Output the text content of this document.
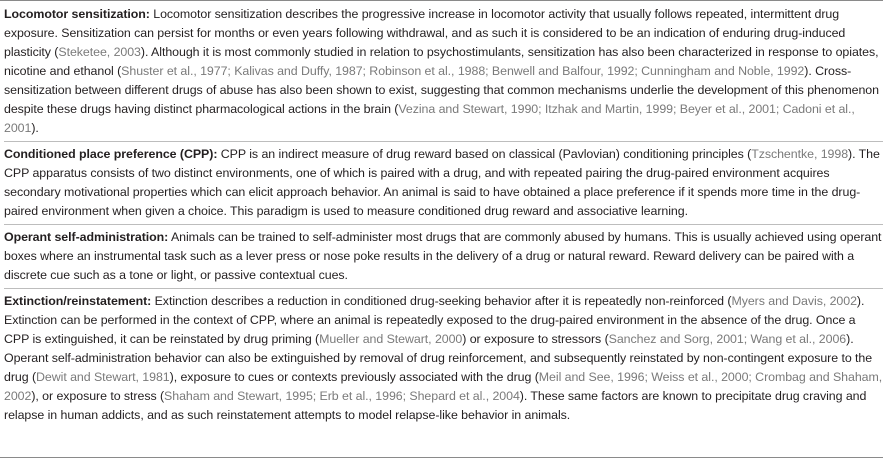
Locomotor sensitization: Locomotor sensitization describes the progressive increase in locomotor activity that usually follows repeated, intermittent drug exposure. Sensitization can persist for months or even years following withdrawal, and as such it is considered to be an indication of enduring drug-induced plasticity (Steketee, 2003). Although it is most commonly studied in relation to psychostimulants, sensitization has also been characterized in response to opiates, nicotine and ethanol (Shuster et al., 1977; Kalivas and Duffy, 1987; Robinson et al., 1988; Benwell and Balfour, 1992; Cunningham and Noble, 1992). Cross-sensitization between different drugs of abuse has also been shown to exist, suggesting that common mechanisms underlie the development of this phenomenon despite these drugs having distinct pharmacological actions in the brain (Vezina and Stewart, 1990; Itzhak and Martin, 1999; Beyer et al., 2001; Cadoni et al., 2001).

Conditioned place preference (CPP): CPP is an indirect measure of drug reward based on classical (Pavlovian) conditioning principles (Tzschentke, 1998). The CPP apparatus consists of two distinct environments, one of which is paired with a drug, and with repeated pairing the drug-paired environment acquires secondary motivational properties which can elicit approach behavior. An animal is said to have obtained a place preference if it spends more time in the drug-paired environment when given a choice. This paradigm is used to measure conditioned drug reward and associative learning.

Operant self-administration: Animals can be trained to self-administer most drugs that are commonly abused by humans. This is usually achieved using operant boxes where an instrumental task such as a lever press or nose poke results in the delivery of a drug or natural reward. Reward delivery can be paired with a discrete cue such as a tone or light, or passive contextual cues.

Extinction/reinstatement: Extinction describes a reduction in conditioned drug-seeking behavior after it is repeatedly non-reinforced (Myers and Davis, 2002). Extinction can be performed in the context of CPP, where an animal is repeatedly exposed to the drug-paired environment in the absence of the drug. Once a CPP is extinguished, it can be reinstated by drug priming (Mueller and Stewart, 2000) or exposure to stressors (Sanchez and Sorg, 2001; Wang et al., 2006). Operant self-administration behavior can also be extinguished by removal of drug reinforcement, and subsequently reinstated by non-contingent exposure to the drug (Dewit and Stewart, 1981), exposure to cues or contexts previously associated with the drug (Meil and See, 1996; Weiss et al., 2000; Crombag and Shaham, 2002), or exposure to stress (Shaham and Stewart, 1995; Erb et al., 1996; Shepard et al., 2004). These same factors are known to precipitate drug craving and relapse in human addicts, and as such reinstatement attempts to model relapse-like behavior in animals.
